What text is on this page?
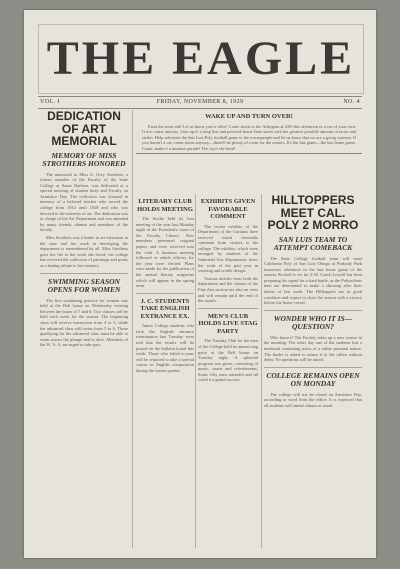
THE EAGLE
VOL. I	FRIDAY, NOVEMBER 8, 1929	NO. 4
DEDICATION OF ART MEMORIAL
MEMORY OF MISS STROTHERS HONORED

The memorial to Miss A. Grey Strothers, a former member of the Faculty of the State College at Santa Barbara, was dedicated at a special meeting of student body and Faculty on Armistice Day. The collection was donated in memory of a beloved teacher who served the college from 1914 until 1928 and who was devoted to the interests of art. The dedication was in charge of the Art Department and was attended by many friends, alumni and members of the faculty.

Miss Strothers was a leader in art education in the state and her work in developing the department is remembered by all. Miss Strothers gave her life to the work she loved; the college has received the collection of paintings and prints as a lasting tribute to her memory.

SWIMMING SEASON OPENS FOR WOMEN

The first swimming practice for women was held at the Belt house on Wednesday evening between the hours of 7 and 8. Two classes will be held each week for the season. The beginning class will receive instruction from 4 to 5, while the advanced class will swim from 5 to 6. Those qualifying for the advanced class must be able to swim across the plunge and to dive. Members of the W. A. A. are urged to take part.

WAKE UP AND TURN OVER!

Faint the town red! Let us know you're alive! Come down to the Arlington at 4:00 this afternoon in a car of your own. If not, come anyway. Line up to a long line and proceed down State street with the greatest possible amount of noise and racket. Help advertise the San Luis Poly football game to the townspeople and let us know that we are a going concern. If you haven't a car, come down anyway—there'll be plenty of room for the rooters. It's the last game—the last home game. Come, make it a monster parade! The city's the limit!

LITERARY CLUB HOLDS MEETING

The Scribe held its first meeting of the year last Monday night at the President's room of the Faculty Library. New members presented original papers and were received into the club. A business meeting followed at which officers for the year were elected. Plans were made for the publication of the annual literary magazine which will appear in the spring term.

J. C. STUDENTS TAKE ENGLISH EXTRANCE EX.

Junior College students who took the English entrance examination last Tuesday were told that the results will be posted on the bulletin board this week. Those who failed to pass will be required to take a special course in English composition during the winter quarter.

EXHIBITS GIVEN FAVORABLE COMMENT

The recent exhibits of the Department of the Curtains have received much favorable comment from visitors to the college. The exhibits, which were arranged by students of the Industrial Arts Department, show the work of the past year in weaving and textile design.

Various articles from both the department and the classes of the Fine Arts section are also on view and will remain until the end of the month.

MEN'S CLUB HOLDS LIVE STAG PARTY

The Tuesday Club for the men of the College held its annual stag party at the Belt house on Tuesday night. A splendid program was given, consisting of music, stunts and refreshments. Some fifty men attended and all voted it a grand success.

HILLTOPPERS MEET CAL. POLY 2 MORRO
SAN LUIS TEAM TO ATTEMPT COMEBACK

The State College football team will meet California Poly of San Luis Obispo at Peabody Park tomorrow afternoon in the last home game of the season. Kickoff is set for 2:30. Coach Lowell has been preparing his squad for a hard battle, as the Polytechnic men are determined to make a showing after their defeat of last week. The Hilltoppers are in good condition and expect to close the season with a victory before the home crowd.

WONDER WHO IT IS—QUESTION?

Who knows? The Faculty takes up a new course in the morning. The other day one of the students lost a notebook containing notes of a rather personal nature. The finder is asked to return it to the office without delay. No questions will be asked.

COLLEGE REMAINS OPEN ON MONDAY

The college will not be closed on Armistice Day, according to word from the office. It is expected that all students will attend classes as usual.
